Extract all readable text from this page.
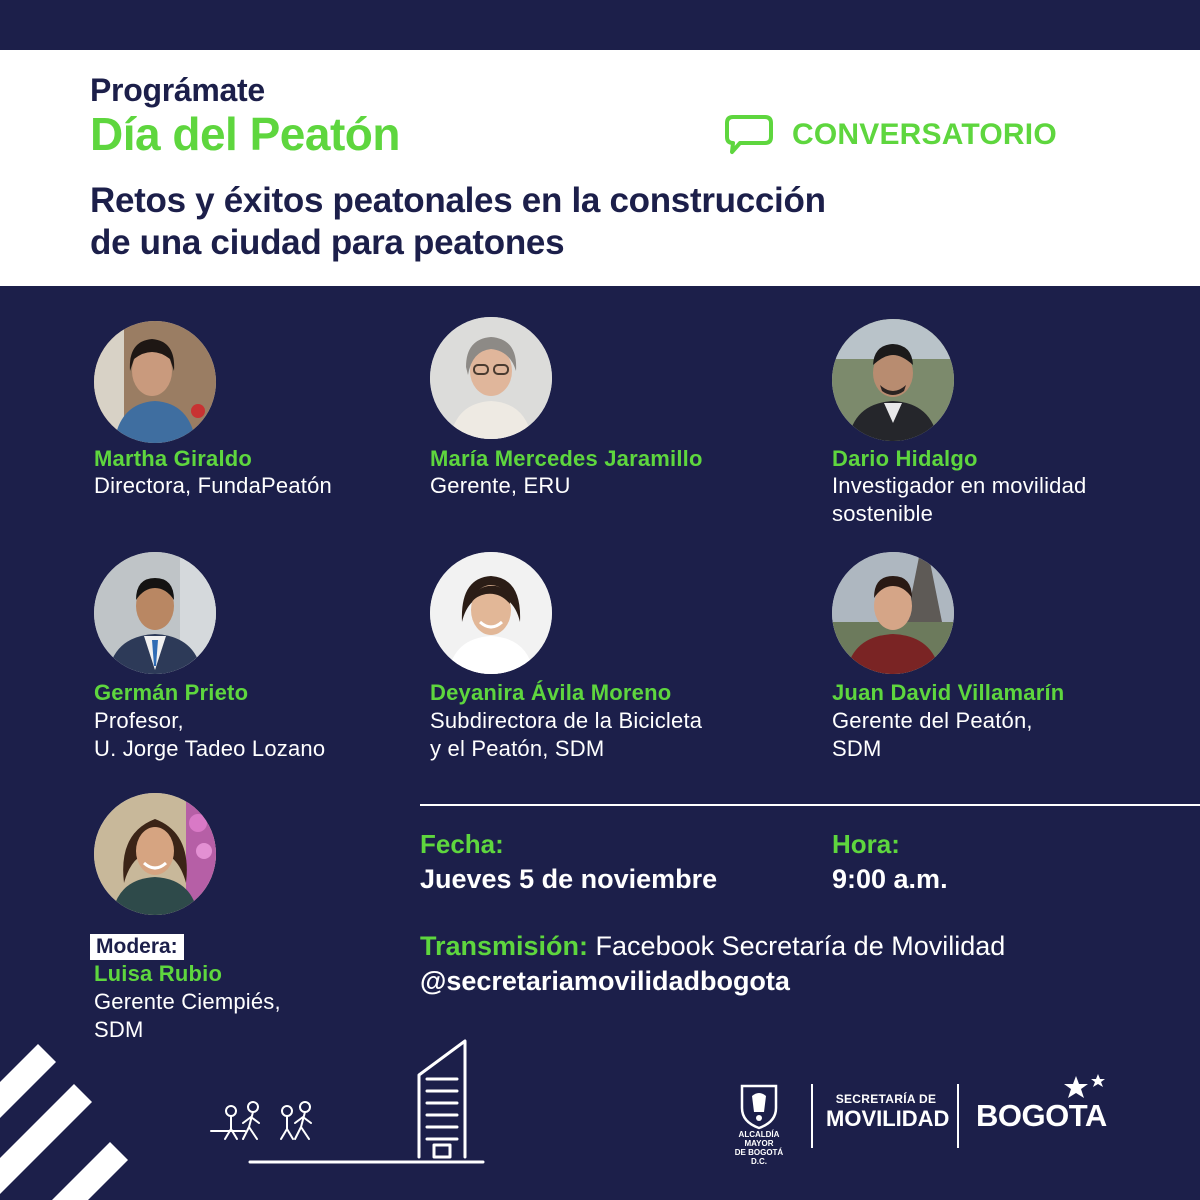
Prográmate
Día del Peatón	CONVERSATORIO
Retos y éxitos peatonales en la construcción
de una ciudad para peatones
Martha Giraldo
Directora, FundaPeatón
María Mercedes Jaramillo
Gerente, ERU
Dario Hidalgo
Investigador en movilidad
sostenible
Germán Prieto
Profesor,
U. Jorge Tadeo Lozano
Deyanira Ávila Moreno
Subdirectora de la Bicicleta
y el Peatón, SDM
Juan David Villamarín
Gerente del Peatón,
SDM
Modera:
Luisa Rubio
Gerente Ciempiés,
SDM
Fecha:
Jueves 5 de noviembre
Hora:
9:00 a.m.
Transmisión: Facebook Secretaría de Movilidad
@secretariamovilidadbogota
ALCALDÍA MAYOR
DE BOGOTÁ D.C.
SECRETARÍA DE
MOVILIDAD BOGOTA
